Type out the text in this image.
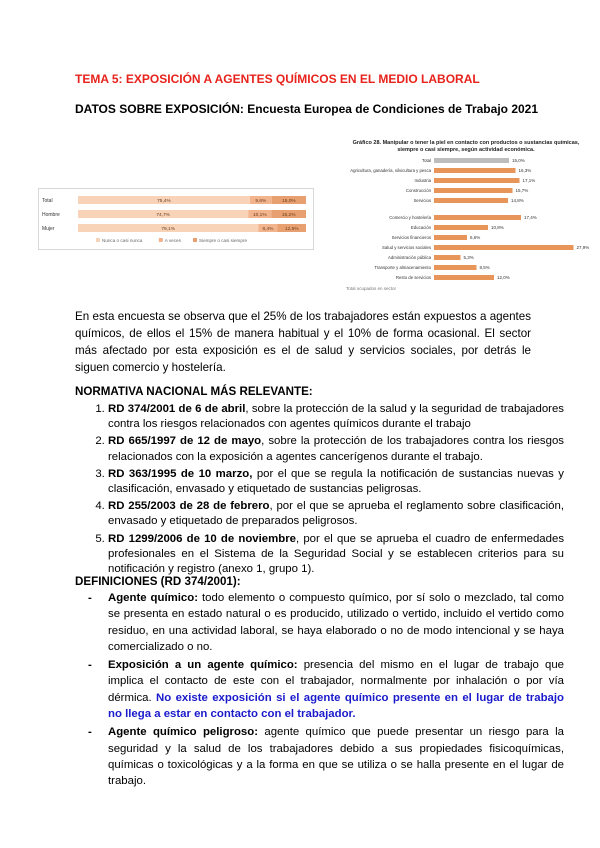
TEMA 5: EXPOSICIÓN A AGENTES QUÍMICOS EN EL MEDIO LABORAL
DATOS SOBRE EXPOSICIÓN: Encuesta Europea de Condiciones de Trabajo 2021
Total	75,4%	9,6%	15,0%
Hombre	74,7%	10,1%	15,2%
Mujer	79,1%	8,4% 12,5%
Nunca o casi nunca	A veces	Siempre o casi siempre
Gráfico 28. Manipular o tener la piel en contacto con productos o sustancias químicas,
siempre o casi siempre, según actividad económica.
Total	15,0%
Agricultura, ganadería, silvicultura y pesca	16,3%
Industria	17,1%
Construcción	15,7%
Servicios	14,8%
Comercio y hostelería	17,4%
Educación	10,8%
Servicios financieros	6,6%
Salud y servicios sociales	27,9%
Administración pública	5,3%
Transporte y almacenamiento	8,5%
Resto de servicios	12,0%
Total ocupados en sector
En esta encuesta se observa que el 25% de los trabajadores están expuestos a agentes químicos, de ellos el 15% de manera habitual y el 10% de forma ocasional. El sector más afectado por esta exposición es el de salud y servicios sociales, por detrás le siguen comercio y hostelería.
NORMATIVA NACIONAL MÁS RELEVANTE:
1. RD 374/2001 de 6 de abril, sobre la protección de la salud y la seguridad de trabajadores contra los riesgos relacionados con agentes químicos durante el trabajo
2. RD 665/1997 de 12 de mayo, sobre la protección de los trabajadores contra los riesgos relacionados con la exposición a agentes cancerígenos durante el trabajo.
3. RD 363/1995 de 10 marzo, por el que se regula la notificación de sustancias nuevas y clasificación, envasado y etiquetado de sustancias peligrosas.
4. RD 255/2003 de 28 de febrero, por el que se aprueba el reglamento sobre clasificación, envasado y etiquetado de preparados peligrosos.
5. RD 1299/2006 de 10 de noviembre, por el que se aprueba el cuadro de enfermedades profesionales en el Sistema de la Seguridad Social y se establecen criterios para su notificación y registro (anexo 1, grupo 1).
DEFINICIONES (RD 374/2001):
- Agente químico: todo elemento o compuesto químico, por sí solo o mezclado, tal como se presenta en estado natural o es producido, utilizado o vertido, incluido el vertido como residuo, en una actividad laboral, se haya elaborado o no de modo intencional y se haya comercializado o no.
- Exposición a un agente químico: presencia del mismo en el lugar de trabajo que implica el contacto de este con el trabajador, normalmente por inhalación o por vía dérmica. No existe exposición si el agente químico presente en el lugar de trabajo no llega a estar en contacto con el trabajador.
- Agente químico peligroso: agente químico que puede presentar un riesgo para la seguridad y la salud de los trabajadores debido a sus propiedades fisicoquímicas, químicas o toxicológicas y a la forma en que se utiliza o se halla presente en el lugar de trabajo.
